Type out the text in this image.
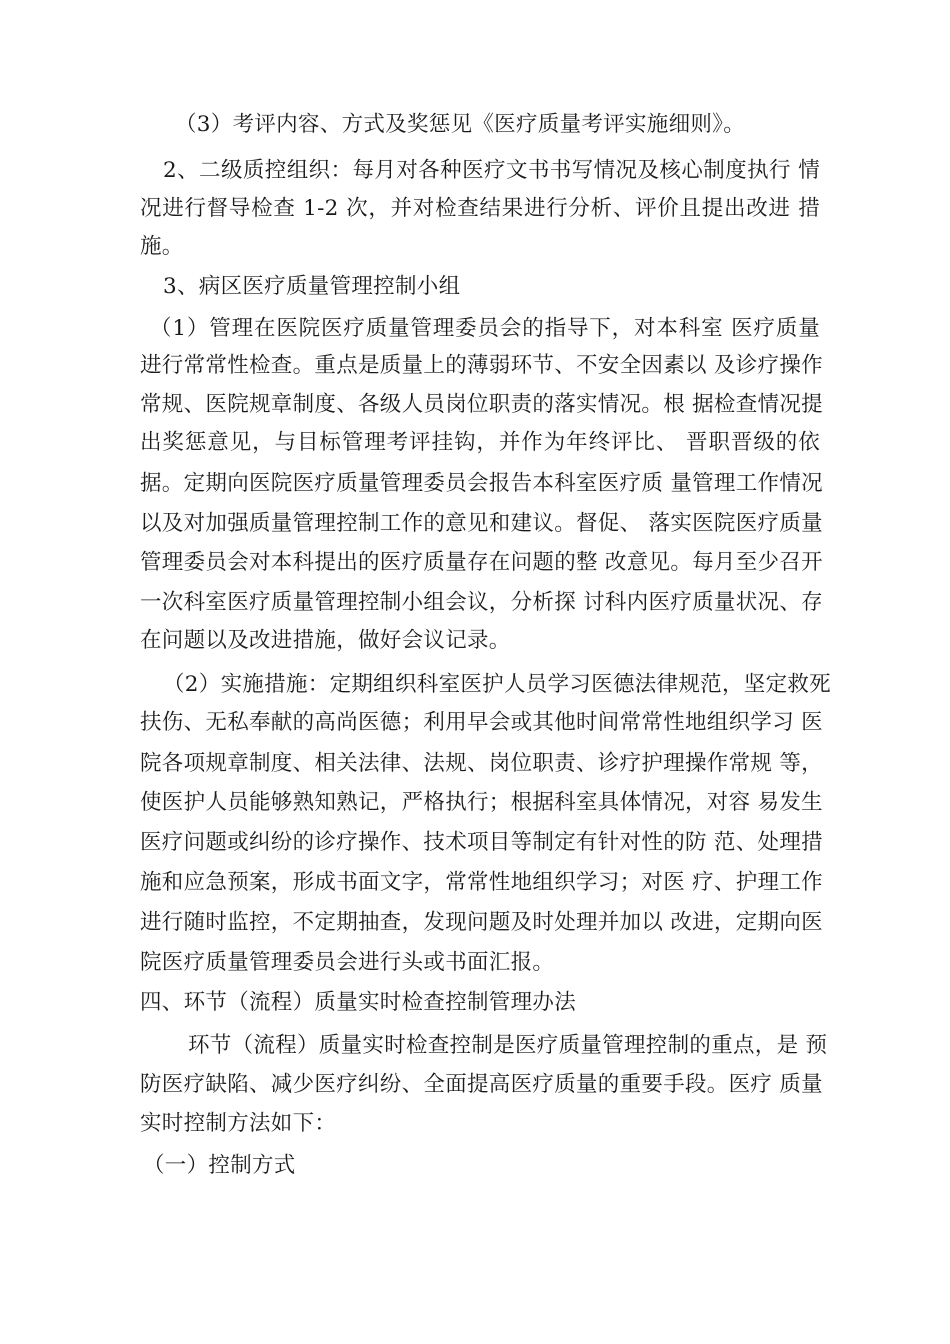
（3）考评内容、方式及奖惩见《医疗质量考评实施细则》。
2、二级质控组织：每月对各种医疗文书书写情况及核心制度执行 情
况进行督导检查 1-2 次，并对检查结果进行分析、评价且提出改进 措
施。
3、病区医疗质量管理控制小组
（1）管理在医院医疗质量管理委员会的指导下，对本科室 医疗质量
进行常常性检查。重点是质量上的薄弱环节、不安全因素以 及诊疗操作
常规、医院规章制度、各级人员岗位职责的落实情况。根 据检查情况提
出奖惩意见，与目标管理考评挂钩，并作为年终评比、 晋职晋级的依
据。定期向医院医疗质量管理委员会报告本科室医疗质 量管理工作情况
以及对加强质量管理控制工作的意见和建议。督促、 落实医院医疗质量
管理委员会对本科提出的医疗质量存在问题的整 改意见。每月至少召开
一次科室医疗质量管理控制小组会议，分析探 讨科内医疗质量状况、存
在问题以及改进措施，做好会议记录。
（2）实施措施：定期组织科室医护人员学习医德法律规范，坚定救死
扶伤、无私奉献的高尚医德；利用早会或其他时间常常性地组织学习 医
院各项规章制度、相关法律、法规、岗位职责、诊疗护理操作常规 等，
使医护人员能够熟知熟记，严格执行；根据科室具体情况，对容 易发生
医疗问题或纠纷的诊疗操作、技术项目等制定有针对性的防 范、处理措
施和应急预案，形成书面文字，常常性地组织学习；对医 疗、护理工作
进行随时监控，不定期抽查，发现问题及时处理并加以 改进，定期向医
院医疗质量管理委员会进行头或书面汇报。
四、环节（流程）质量实时检查控制管理办法
环节（流程）质量实时检查控制是医疗质量管理控制的重点，是 预
防医疗缺陷、减少医疗纠纷、全面提高医疗质量的重要手段。医疗 质量
实时控制方法如下：
（一）控制方式
